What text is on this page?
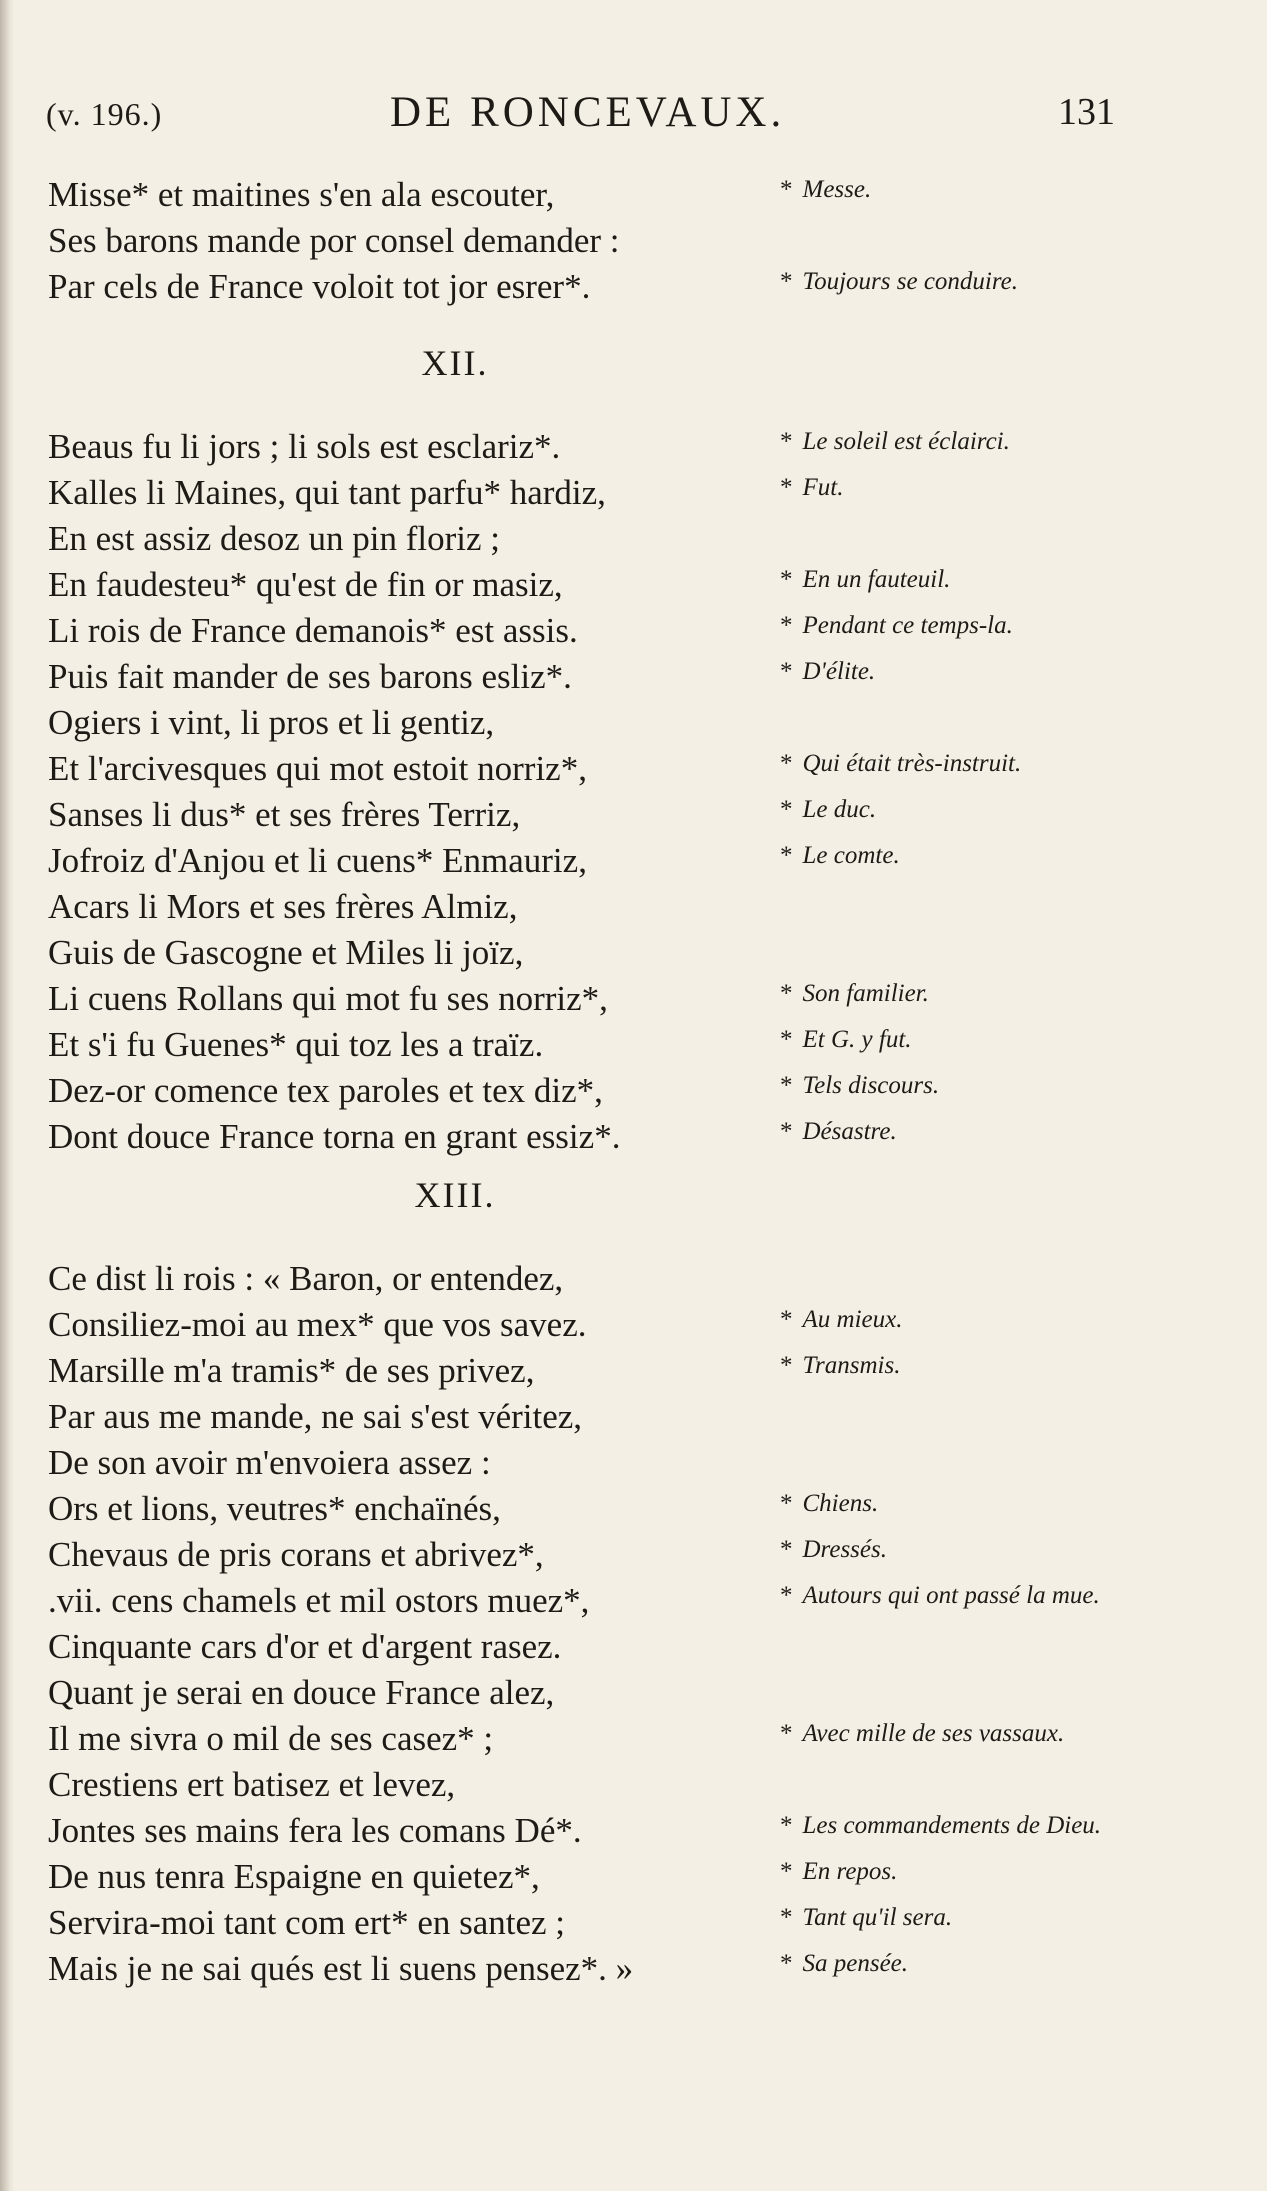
(v. 196.)	DE RONCEVAUX.	131
Misse* et maitines s'en ala escouter,	* Messe.
Ses barons mande por consel demander :
Par cels de France voloit tot jor esrer*.	* Toujours se conduire.
XII.
Beaus fu li jors ; li sols est esclariz*.	* Le soleil est éclairci.
Kalles li Maines, qui tant parfu* hardiz,	* Fut.
En est assiz desoz un pin floriz ;
En faudesteu* qu'est de fin or masiz,	* En un fauteuil.
Li rois de France demanois* est assis.	* Pendant ce temps-la.
Puis fait mander de ses barons esliz*.	* D'élite.
Ogiers i vint, li pros et li gentiz,
Et l'arcivesques qui mot estoit norriz*,	* Qui était très-instruit.
Sanses li dus* et ses frères Terriz,	* Le duc.
Jofroiz d'Anjou et li cuens* Enmauriz,	* Le comte.
Acars li Mors et ses frères Almiz,
Guis de Gascogne et Miles li joïz,
Li cuens Rollans qui mot fu ses norriz*,	* Son familier.
Et s'i fu Guenes* qui toz les a traïz.	* Et G. y fut.
Dez-or comence tex paroles et tex diz*,	* Tels discours.
Dont douce France torna en grant essiz*.	* Désastre.
XIII.
Ce dist li rois : « Baron, or entendez,
Consiliez-moi au mex* que vos savez.	* Au mieux.
Marsille m'a tramis* de ses privez,	* Transmis.
Par aus me mande, ne sai s'est véritez,
De son avoir m'envoiera assez :
Ors et lions, veutres* enchaïnés,	* Chiens.
Chevaus de pris corans et abrivez*,	* Dressés.
.vii. cens chamels et mil ostors muez*,	* Autours qui ont passé la mue.
Cinquante cars d'or et d'argent rasez.
Quant je serai en douce France alez,
Il me sivra o mil de ses casez* ;	* Avec mille de ses vassaux.
Crestiens ert batisez et levez,
Jontes ses mains fera les comans Dé*.	* Les commandements de Dieu.
De nus tenra Espaigne en quietez*,	* En repos.
Servira-moi tant com ert* en santez ;	* Tant qu'il sera.
Mais je ne sai qués est li suens pensez*. »	* Sa pensée.
